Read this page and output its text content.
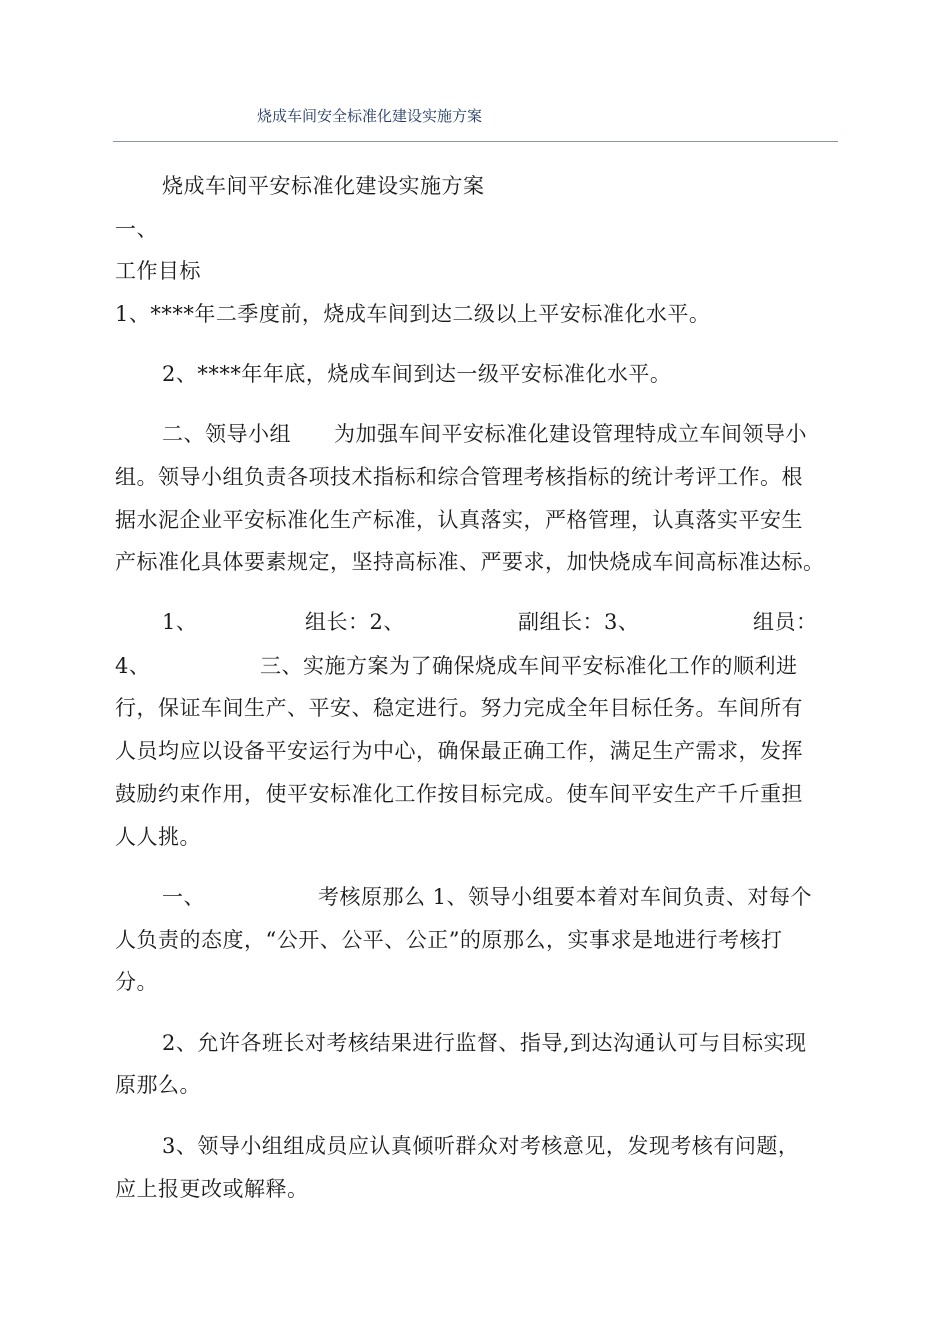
烧成车间安全标准化建设实施方案
烧成车间平安标准化建设实施方案
一、
工作目标
1、****年二季度前，烧成车间到达二级以上平安标准化水平。
2、****年年底，烧成车间到达一级平安标准化水平。
二、领导小组　　为加强车间平安标准化建设管理特成立车间领导小
组。领导小组负责各项技术指标和综合管理考核指标的统计考评工作。根
据水泥企业平安标准化生产标准，认真落实，严格管理，认真落实平安生
产标准化具体要素规定，坚持高标准、严要求，加快烧成车间高标准达标。
1、	组长：2、	副组长：3、	组员：
4、	三、实施方案为了确保烧成车间平安标准化工作的顺利进
行，保证车间生产、平安、稳定进行。努力完成全年目标任务。车间所有
人员均应以设备平安运行为中心，确保最正确工作，满足生产需求，发挥
鼓励约束作用，使平安标准化工作按目标完成。使车间平安生产千斤重担
人人挑。
一、	考核原那么 1、领导小组要本着对车间负责、对每个
人负责的态度，“公开、公平、公正”的原那么，实事求是地进行考核打
分。
2、允许各班长对考核结果进行监督、指导,到达沟通认可与目标实现
原那么。
3、领导小组组成员应认真倾听群众对考核意见，发现考核有问题，
应上报更改或解释。
